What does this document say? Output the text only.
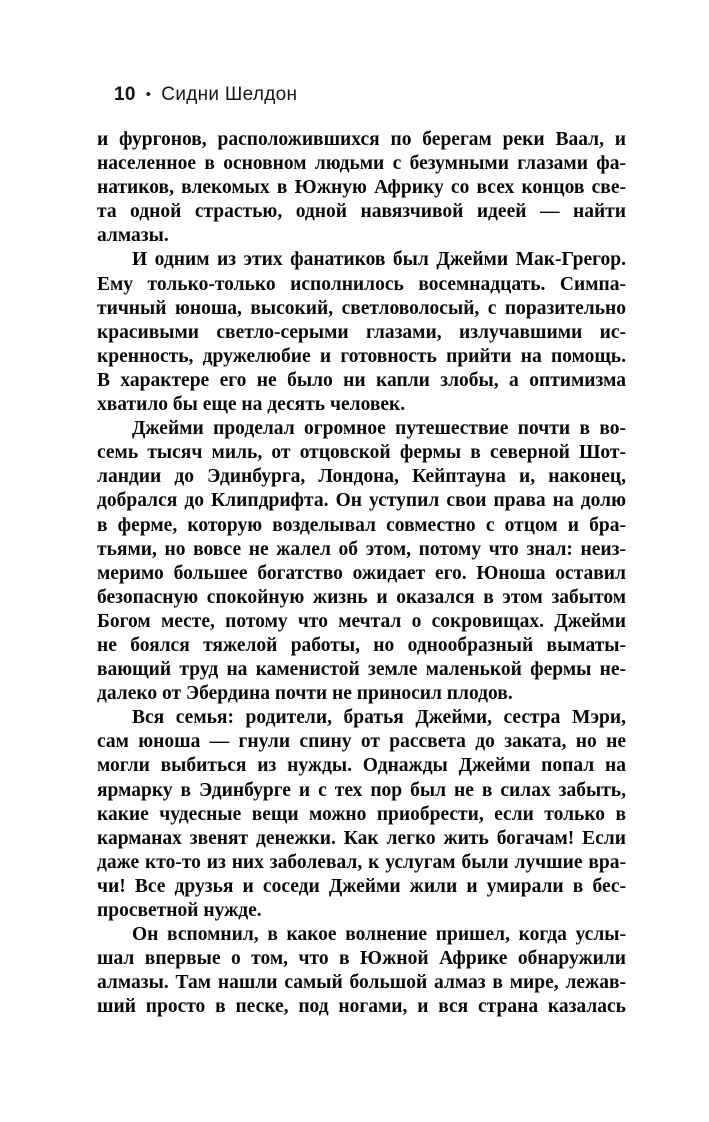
10 • Сидни Шелдон
и фургонов, расположившихся по берегам реки Ваал, и
населенное в основном людьми с безумными глазами фа-
натиков, влекомых в Южную Африку со всех концов све-
та одной страстью, одной навязчивой идеей — найти
алмазы.
И одним из этих фанатиков был Джейми Мак-Грегор.
Ему только-только исполнилось восемнадцать. Симпа-
тичный юноша, высокий, светловолосый, с поразительно
красивыми светло-серыми глазами, излучавшими ис-
кренность, дружелюбие и готовность прийти на помощь.
В характере его не было ни капли злобы, а оптимизма
хватило бы еще на десять человек.
Джейми проделал огромное путешествие почти в во-
семь тысяч миль, от отцовской фермы в северной Шот-
ландии до Эдинбурга, Лондона, Кейптауна и, наконец,
добрался до Клипдрифта. Он уступил свои права на долю
в ферме, которую возделывал совместно с отцом и бра-
тьями, но вовсе не жалел об этом, потому что знал: неиз-
меримо большее богатство ожидает его. Юноша оставил
безопасную спокойную жизнь и оказался в этом забытом
Богом месте, потому что мечтал о сокровищах. Джейми
не боялся тяжелой работы, но однообразный выматы-
вающий труд на каменистой земле маленькой фермы не-
далеко от Эбердина почти не приносил плодов.
Вся семья: родители, братья Джейми, сестра Мэри,
сам юноша — гнули спину от рассвета до заката, но не
могли выбиться из нужды. Однажды Джейми попал на
ярмарку в Эдинбурге и с тех пор был не в силах забыть,
какие чудесные вещи можно приобрести, если только в
карманах звенят денежки. Как легко жить богачам! Если
даже кто-то из них заболевал, к услугам были лучшие вра-
чи! Все друзья и соседи Джейми жили и умирали в бес-
просветной нужде.
Он вспомнил, в какое волнение пришел, когда услы-
шал впервые о том, что в Южной Африке обнаружили
алмазы. Там нашли самый большой алмаз в мире, лежав-
ший просто в песке, под ногами, и вся страна казалась
